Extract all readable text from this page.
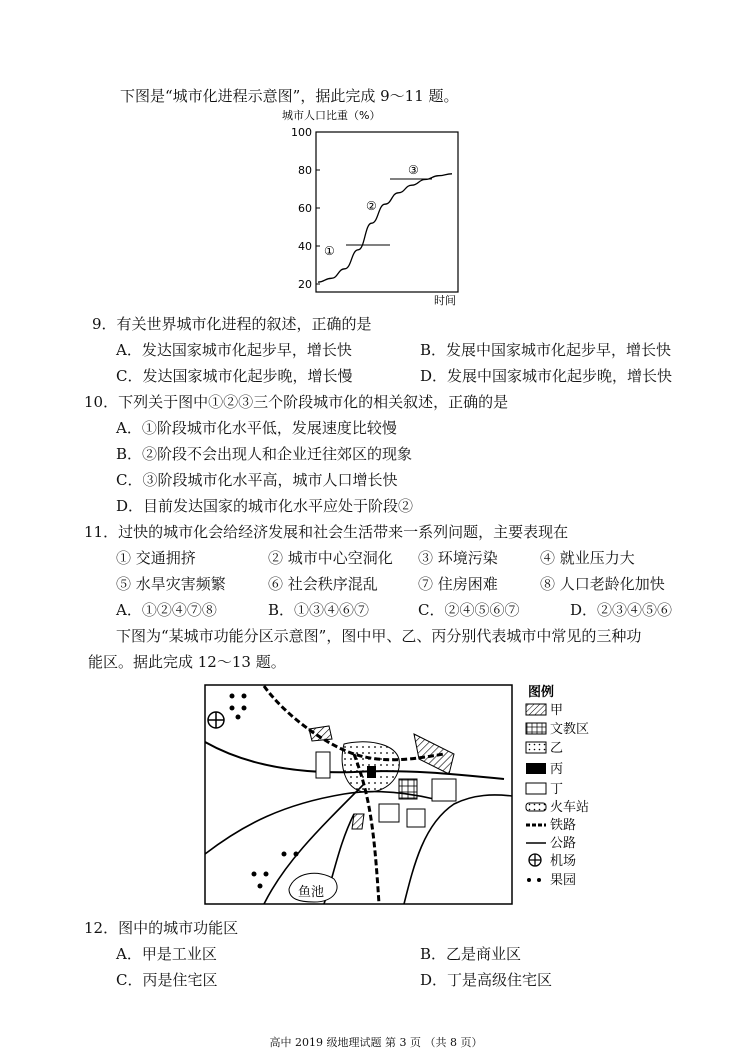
下图是“城市化进程示意图”，据此完成 9～11 题。
城市人口比重（%）
100
80
60
40
20
①
②
③
时间
9．有关世界城市化进程的叙述，正确的是
A．发达国家城市化起步早，增长快	B．发展中国家城市化起步早，增长快
C．发达国家城市化起步晚，增长慢	D．发展中国家城市化起步晚，增长快
10．下列关于图中①②③三个阶段城市化的相关叙述，正确的是
A．①阶段城市化水平低，发展速度比较慢
B．②阶段不会出现人和企业迁往郊区的现象
C．③阶段城市化水平高，城市人口增长快
D．目前发达国家的城市化水平应处于阶段②
11．过快的城市化会给经济发展和社会生活带来一系列问题，主要表现在
① 交通拥挤	② 城市中心空洞化 ③ 环境污染	④ 就业压力大
⑤ 水旱灾害频繁	⑥ 社会秩序混乱	⑦ 住房困难	⑧ 人口老龄化加快
A．①②④⑦⑧	B．①③④⑥⑦	C．②④⑤⑥⑦	D．②③④⑤⑥
下图为“某城市功能分区示意图”，图中甲、乙、丙分别代表城市中常见的三种功
能区。据此完成 12～13 题。
鱼池
图例
甲
文教区
乙
丙
丁
火车站
铁路
公路
机场
果园
12．图中的城市功能区
A．甲是工业区	B．乙是商业区
C．丙是住宅区	D．丁是高级住宅区
高中 2019 级地理试题 第 3 页 （共 8 页）
